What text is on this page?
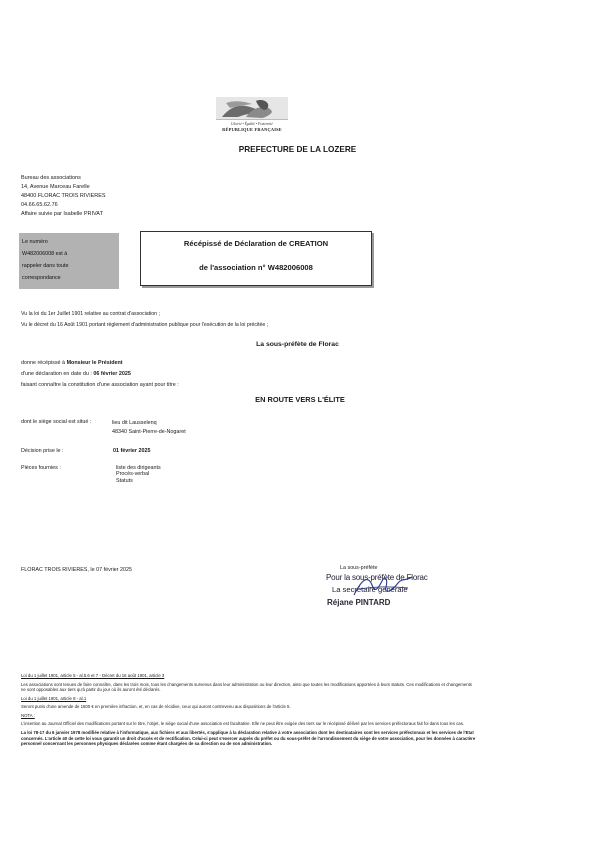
Liberté • Égalité • Fraternité
RÉPUBLIQUE FRANÇAISE
PREFECTURE DE LA LOZERE
Bureau des associations
14, Avenue Marceau Farelle
48400 FLORAC TROIS RIVIERES
04.66.65.62.76
Affaire suivie par Isabelle PRIVAT
Le numéro
W482006008 est à
rappeler dans toute
correspondance
Récépissé de Déclaration de CREATION
de l'association n° W482006008
Vu la loi du 1er Juillet 1901 relative au contrat d'association ;
Vu le décret du 16 Août 1901 portant règlement d'administration publique pour l'exécution de la loi précitée ;
La sous-préfète de Florac
donne récépissé à Monsieur le Président
d'une déclaration en date du : 06 février 2025
faisant connaître la constitution d'une association ayant pour titre :
EN ROUTE VERS L'ÉLITE
dont le siège social est situé :	lieu dit Lausselenq
48340 Saint-Pierre-de-Nogaret
Décision prise le :	01 février 2025
Pièces fournies :	liste des dirigeants
Procès-verbal
Statuts
FLORAC TROIS RIVIERES, le 07 février 2025	La sous-préfète
Pour la sous-préfète de Florac
La secrétaire générale
Réjane PINTARD

Loi du 1 juillet 1901, article 5 - al.5.6 et 7 - Décret du 16 août 1901, article 3

Les associations sont tenues de faire connaître, dans les trois mois, tous les changements survenus dans leur administration ou leur direction, ainsi que toutes les modifications apportées à leurs statuts. Ces modifications et changements ne sont opposables aux tiers qu'à partir du jour où ils auront été déclarés.

Loi du 1 juillet 1901, article 8 - al.1

Seront punis d'une amende de 1500 € en première infraction, et, en cas de récidive, ceux qui auront contrevenu aux dispositions de l'article 5.

NOTA :

L'insertion au Journal Officiel des modifications portant sur le titre, l'objet, le siège social d'une association est facultative. Elle ne peut être exigée des tiers sur le récépissé délivré par les services préfectoraux fait foi dans tous les cas.

La loi 78-17 du 6 janvier 1978 modifiée relative à l'informatique, aux fichiers et aux libertés, s'applique à la déclaration relative à votre association dont les destinataires sont les services préfectoraux et les services de l'Etat concernés. L'article 40 de cette loi vous garantit un droit d'accès et de rectification. Celui-ci peut s'exercer auprès du préfet ou du sous-préfet de l'arrondissement du siège de votre association, pour les données à caractère personnel concernant les personnes physiques déclarées comme étant chargées de sa direction ou de son administration.
